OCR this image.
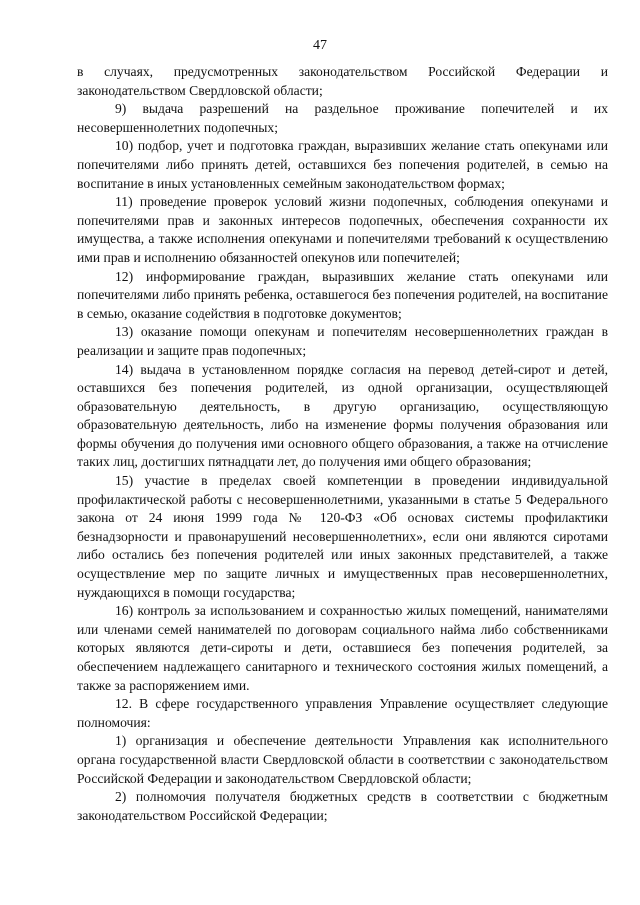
47

в случаях, предусмотренных законодательством Российской Федерации и законодательством Свердловской области;

9) выдача разрешений на раздельное проживание попечителей и их несовершеннолетних подопечных;

10) подбор, учет и подготовка граждан, выразивших желание стать опекунами или попечителями либо принять детей, оставшихся без попечения родителей, в семью на воспитание в иных установленных семейным законодательством формах;

11) проведение проверок условий жизни подопечных, соблюдения опекунами и попечителями прав и законных интересов подопечных, обеспечения сохранности их имущества, а также исполнения опекунами и попечителями требований к осуществлению ими прав и исполнению обязанностей опекунов или попечителей;

12) информирование граждан, выразивших желание стать опекунами или попечителями либо принять ребенка, оставшегося без попечения родителей, на воспитание в семью, оказание содействия в подготовке документов;

13) оказание помощи опекунам и попечителям несовершеннолетних граждан в реализации и защите прав подопечных;

14) выдача в установленном порядке согласия на перевод детей-сирот и детей, оставшихся без попечения родителей, из одной организации, осуществляющей образовательную деятельность, в другую организацию, осуществляющую образовательную деятельность, либо на изменение формы получения образования или формы обучения до получения ими основного общего образования, а также на отчисление таких лиц, достигших пятнадцати лет, до получения ими общего образования;

15) участие в пределах своей компетенции в проведении индивидуальной профилактической работы с несовершеннолетними, указанными в статье 5 Федерального закона от 24 июня 1999 года № 120-ФЗ «Об основах системы профилактики безнадзорности и правонарушений несовершеннолетних», если они являются сиротами либо остались без попечения родителей или иных законных представителей, а также осуществление мер по защите личных и имущественных прав несовершеннолетних, нуждающихся в помощи государства;

16) контроль за использованием и сохранностью жилых помещений, нанимателями или членами семей нанимателей по договорам социального найма либо собственниками которых являются дети-сироты и дети, оставшиеся без попечения родителей, за обеспечением надлежащего санитарного и технического состояния жилых помещений, а также за распоряжением ими.

12. В сфере государственного управления Управление осуществляет следующие полномочия:

1) организация и обеспечение деятельности Управления как исполнительного органа государственной власти Свердловской области в соответствии с законодательством Российской Федерации и законодательством Свердловской области;

2) полномочия получателя бюджетных средств в соответствии с бюджетным законодательством Российской Федерации;
